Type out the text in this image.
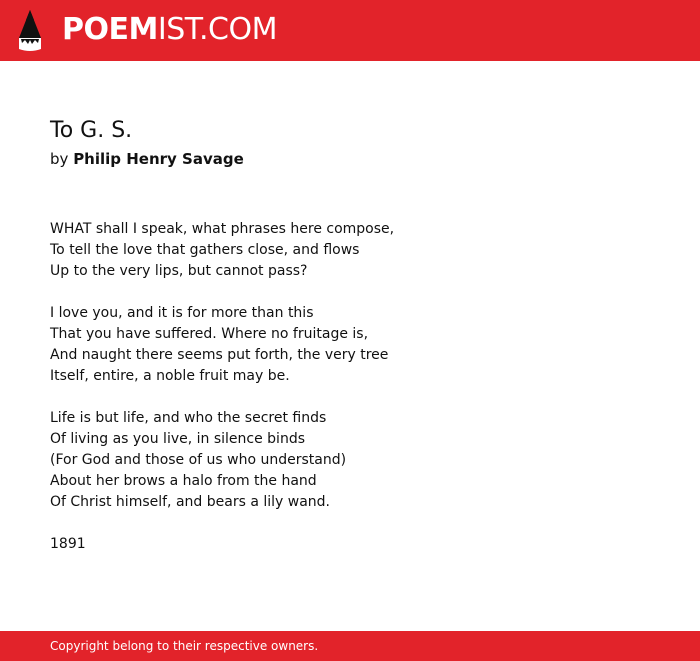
POEMIST.COM
To G. S.
by Philip Henry Savage
WHAT shall I speak, what phrases here compose,
To tell the love that gathers close, and flows
Up to the very lips, but cannot pass?
I love you, and it is for more than this
That you have suffered. Where no fruitage is,
And naught there seems put forth, the very tree
Itself, entire, a noble fruit may be.
Life is but life, and who the secret finds
Of living as you live, in silence binds
(For God and those of us who understand)
About her brows a halo from the hand
Of Christ himself, and bears a lily wand.
1891
Copyright belong to their respective owners.
